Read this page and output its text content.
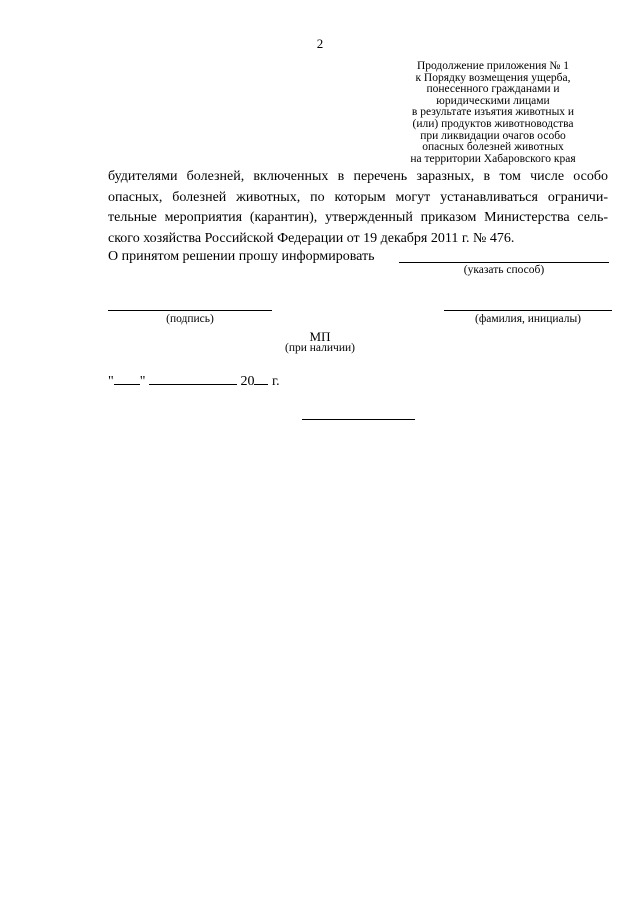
2
Продолжение приложения № 1
к Порядку возмещения ущерба,
понесенного гражданами и
юридическими лицами
в результате изъятия животных и
(или) продуктов животноводства
при ликвидации очагов особо
опасных болезней животных
на территории Хабаровского края
будителями болезней, включенных в перечень заразных, в том числе особо
опасных, болезней животных, по которым могут устанавливаться ограничи-
тельные мероприятия (карантин), утвержденный приказом Министерства сель-
ского хозяйства Российской Федерации от 19 декабря 2011 г. № 476.
О принятом решении прошу информировать
(указать способ)
(подпись)	(фамилия, инициалы)
МП
(при наличии)
" "	20 г.
